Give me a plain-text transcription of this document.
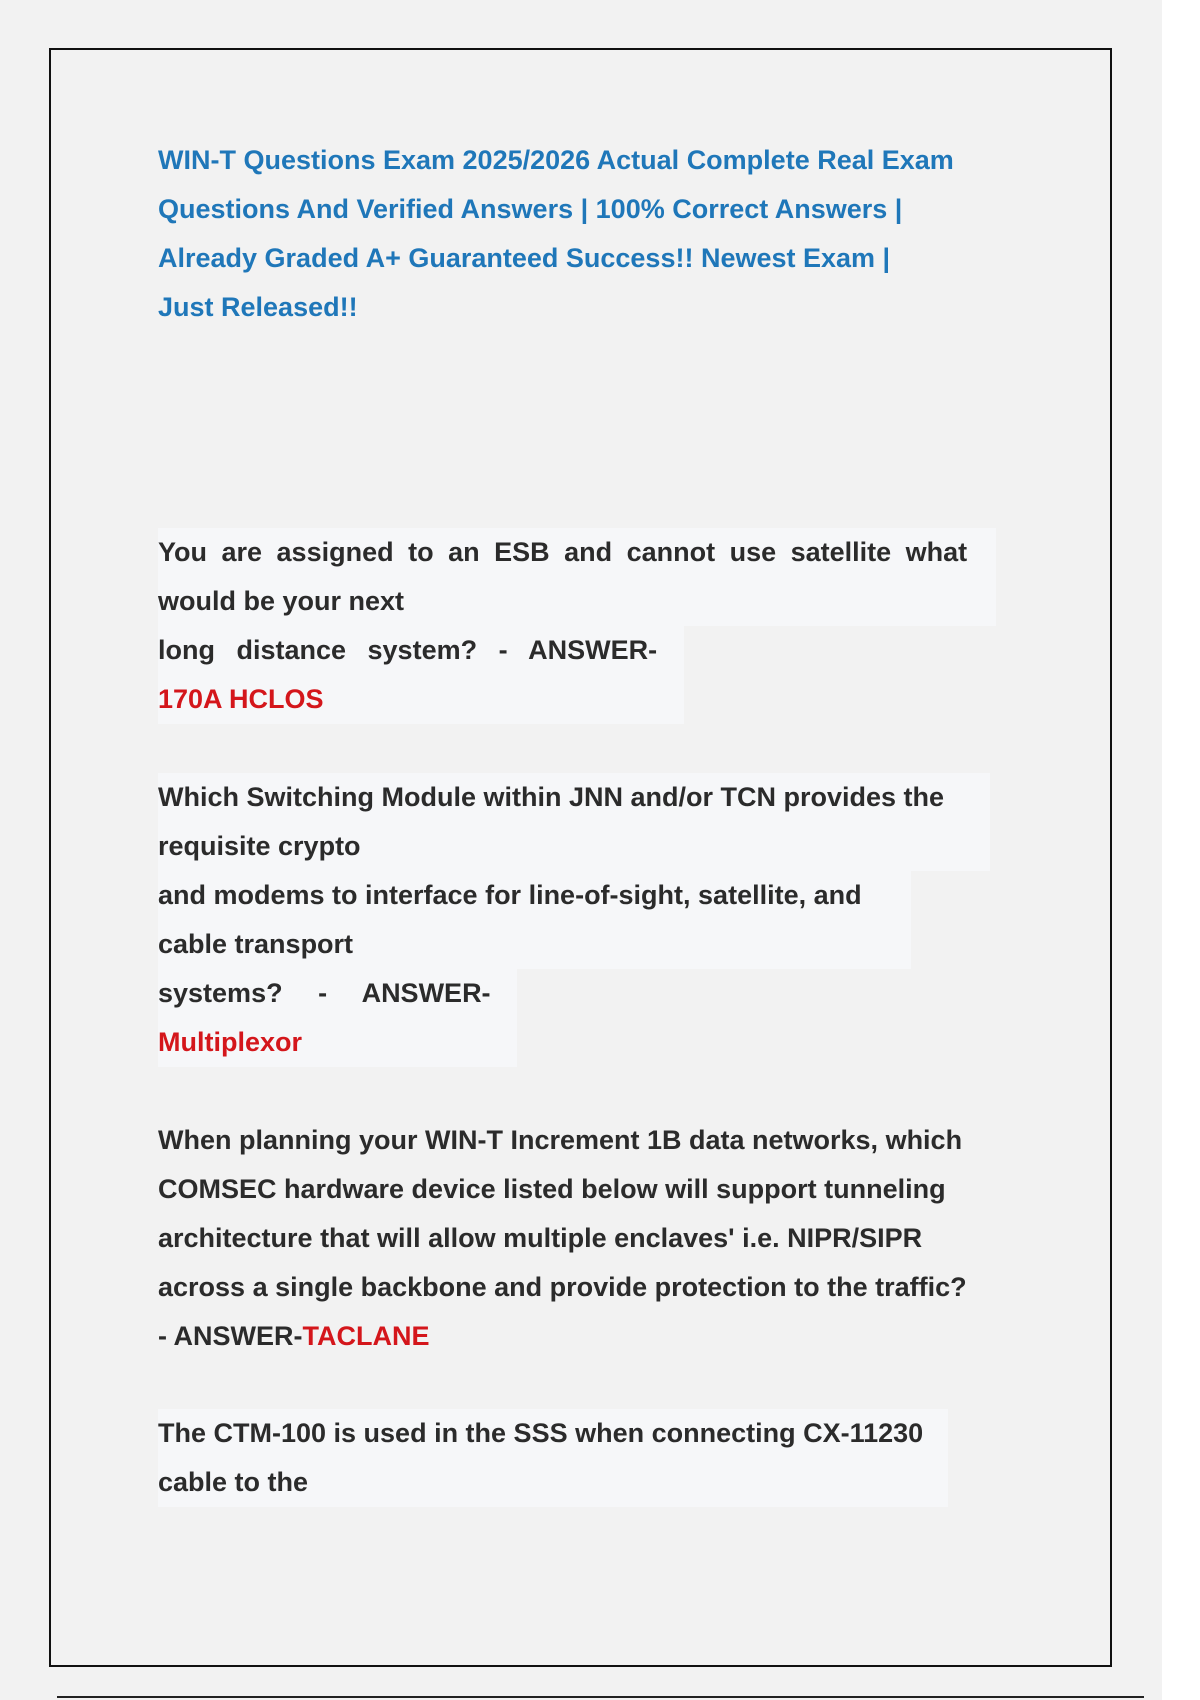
WIN-T Questions Exam 2025/2026 Actual Complete Real Exam
Questions And Verified Answers | 100% Correct Answers |
Already Graded A+ Guaranteed Success!! Newest Exam |
Just Released!!
You are assigned to an ESB and cannot use satellite what
would be your next
long distance system? - ANSWER-
170A HCLOS
Which Switching Module within JNN and/or TCN provides the
requisite crypto
and modems to interface for line-of-sight, satellite, and
cable transport
systems? - ANSWER-
Multiplexor
When planning your WIN-T Increment 1B data networks, which
COMSEC hardware device listed below will support tunneling
architecture that will allow multiple enclaves' i.e. NIPR/SIPR
across a single backbone and provide protection to the traffic?
- ANSWER-TACLANE
The CTM-100 is used in the SSS when connecting CX-11230
cable to the
